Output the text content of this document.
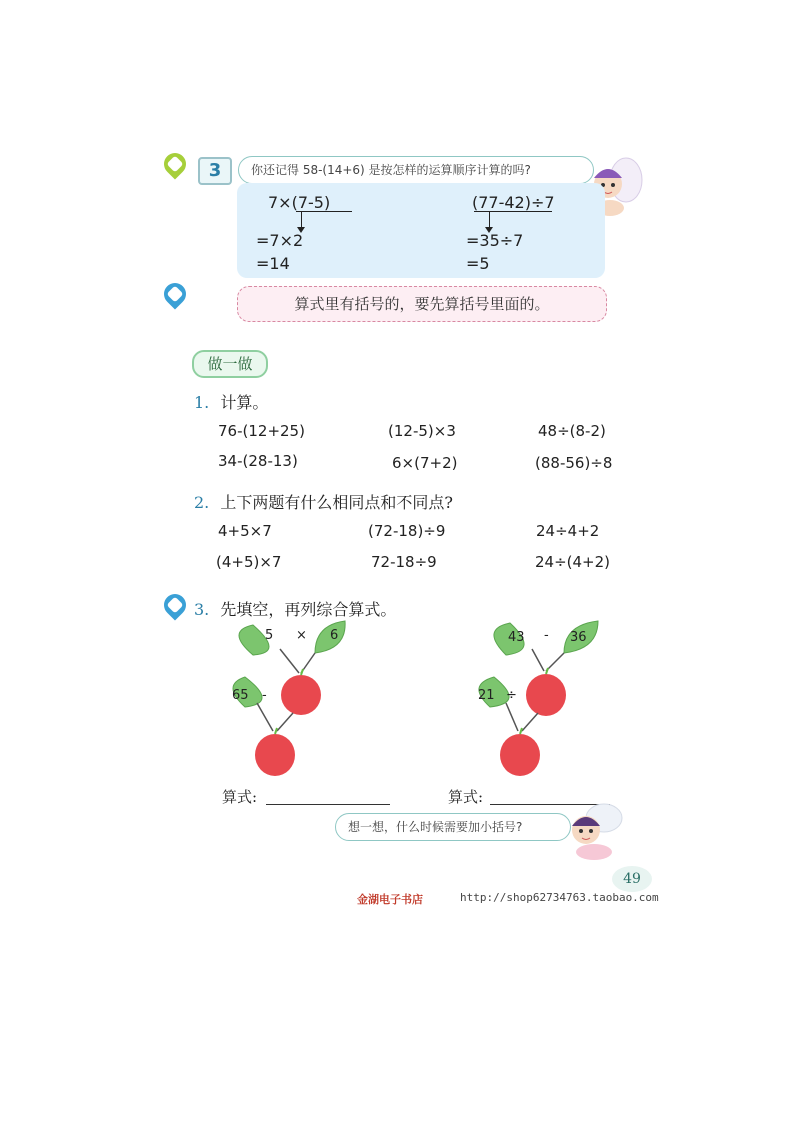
3	你还记得 58-(14+6) 是按怎样的运算顺序计算的吗?
7×(7-5)
=7×2
=14
(77-42)÷7
=35÷7
=5
算式里有括号的，要先算括号里面的。
做一做
1. 计算。
76-(12+25)	(12-5)×3	48÷(8-2)
34-(28-13)	6×(7+2)	(88-56)÷8
2. 上下两题有什么相同点和不同点?
4+5×7	(72-18)÷9	24÷4+2
(4+5)×7	72-18÷9	24÷(4+2)
3. 先填空，再列综合算式。
5 × 6
65 -
43 - 36
21 ÷
算式:	算式:
想一想，什么时候需要加小括号?
49
金湖电子书店	http://shop62734763.taobao.com
